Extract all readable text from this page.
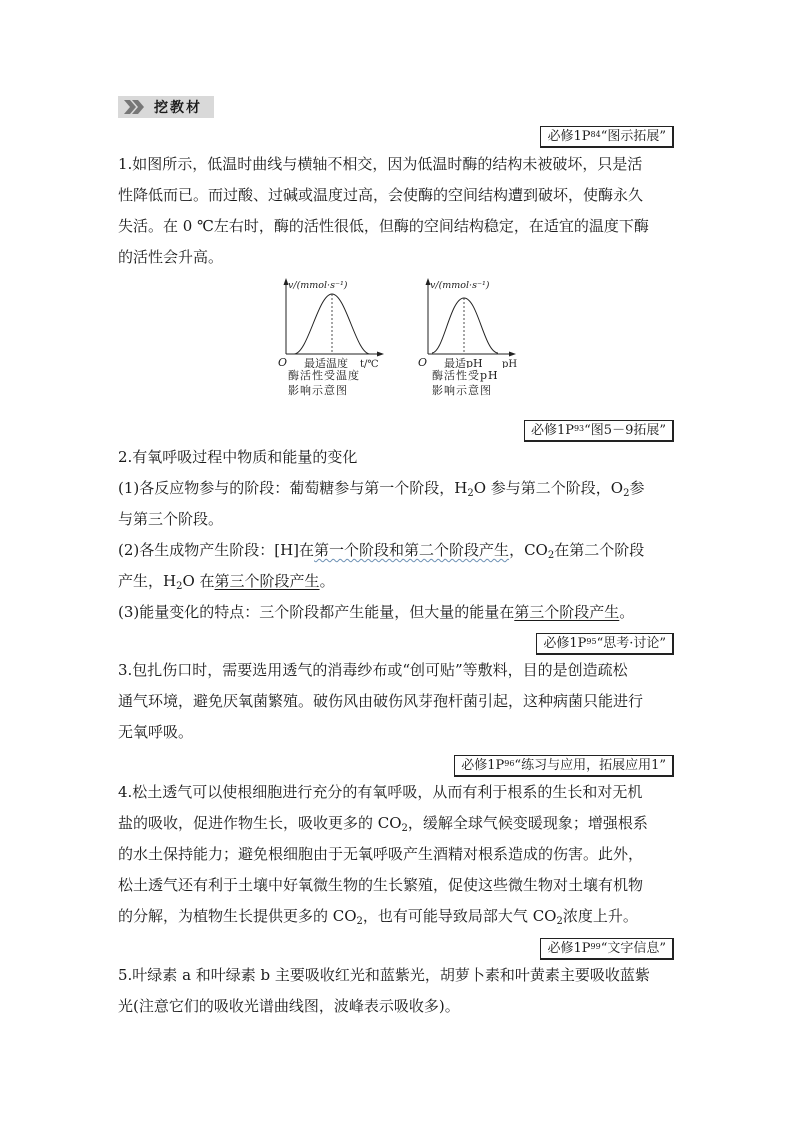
挖教材
必修$1P^{84}“$图示拓展”
1.如图所示，低温时曲线与横轴不相交，因为低温时酶的结构未被破坏，只是活
性降低而已。而过酸、过碱或温度过高，会使酶的空间结构遭到破坏，使酶永久
失活。在 0 ℃左右时，酶的活性很低，但酶的空间结构稳定，在适宜的温度下酶
的活性会升高。
v/(mmol·s⁻¹)
O 最适温度 t/℃
酶活性受温度
影响示意图
v/(mmol·s⁻¹)
O 最适pH pH
酶活性受pH
影响示意图
必修$1P^{93}“$图5－9拓展”
2.有氧呼吸过程中物质和能量的变化
(1)各反应物参与的阶段：葡萄糖参与第一个阶段，$H_2O$ 参与第二个阶段，$O_2$参
与第三个阶段。
(2)各生成物产生阶段：[H]在第一个阶段和第二个阶段产生，$CO_2$在第二个阶段
产生，$H_2O$ 在第三个阶段产生。
(3)能量变化的特点：三个阶段都产生能量，但大量的能量在第三个阶段产生。
必修$1P^{95}“$思考·讨论”
3.包扎伤口时，需要选用透气的消毒纱布或“创可贴”等敷料，目的是创造疏松
通气环境，避免厌氧菌繁殖。破伤风由破伤风芽孢杆菌引起，这种病菌只能进行
无氧呼吸。
必修$1P^{96}“$练习与应用，拓展应用1”
4.松土透气可以使根细胞进行充分的有氧呼吸，从而有利于根系的生长和对无机
盐的吸收，促进作物生长，吸收更多的 $CO_2$，缓解全球气候变暖现象；增强根系
的水土保持能力；避免根细胞由于无氧呼吸产生酒精对根系造成的伤害。此外，
松土透气还有利于土壤中好氧微生物的生长繁殖，促使这些微生物对土壤有机物
的分解，为植物生长提供更多的 $CO_2$，也有可能导致局部大气 $CO_2$浓度上升。
必修$1P^{99}“$文字信息”
5.叶绿素 a 和叶绿素 b 主要吸收红光和蓝紫光，胡萝卜素和叶黄素主要吸收蓝紫
光(注意它们的吸收光谱曲线图，波峰表示吸收多)。
